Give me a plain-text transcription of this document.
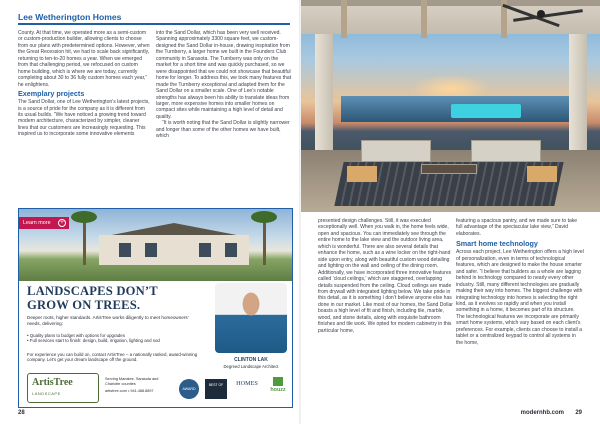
Lee Wetherington Homes

County. At that time, we operated more as a semi-custom or custom-production builder, allowing clients to choose from our plans with predetermined options. However, when the Great Recession hit, we had to scale back significantly, returning to ten-to-20 homes a year. When we emerged from that challenging period, we refocused on custom home building, which is where we are today, currently completing about 30 to 36 fully custom homes each year,” he enlightens.

Exemplary projects

The Sand Dollar, one of Lee Wetherington’s latest projects, is a source of pride for the company as it is different from its usual builds. “We have noticed a growing trend toward modern architecture, characterized by simpler, cleaner lines that our customers are increasingly requesting. This inspired us to incorporate some innovative elements

into the Sand Dollar, which has been very well received. Spanning approximately 3300 square feet, we custom-designed the Sand Dollar in-house, drawing inspiration from the Turnberry, a larger home we built in the Founders Club community in Sarasota. The Turnberry was only on the market for a short time and was quickly purchased, so we were disappointed that we could not showcase that beautiful home for longer. To address this, we took many features that made the Turnberry exceptional and adapted them for the Sand Dollar on a smaller scale. One of Lee’s notable strengths has always been his ability to translate ideas from larger, more expensive homes into smaller homes on compact sites while maintaining a high level of detail and quality.

“It is worth noting that the Sand Dollar is slightly narrower and longer than some of the other homes we have built, which

Learn more	+
LANDSCAPES DON’T GROW ON TREES.
Deeper roots, higher standards. ArtisTree works diligently to meet homeowners’ needs, delivering:
• Quality plans to budget with options for upgrades
• Full services start to finish: design, build, irrigation, lighting and sod
For experience you can build on, contact ArtisTree – a nationally ranked, award-winning company. Let’s get your dream landscape off the ground.	CLINTON LAK
Degreed Landscape Architect
ArtisTree
LANDSCAPE
Serving Manatee, Sarasota and Charlotte counties
artistree.com • 941.488.8897	AWARD
BEST OF	HOMES
houzz
28

presented design challenges. Still, it was executed exceptionally well. When you walk in, the home feels wide, open and spacious. You can immediately see through the entire home to the lake view and the outdoor living area, which is wonderful. There are also several details that enhance the home, such as a wine locker on the right-hand side upon entry, along with beautiful custom wood detailing and lighting on the wall and ceiling of the dining room. Additionally, we have incorporated three innovative features called ‘cloud ceilings,’ which are staggered, overlapping details suspended from the ceiling. Cloud ceilings are made from drywall with integrated lighting below. We take pride in this detail, as it is something I don’t believe anyone else has done in our market. Like most of our homes, the Sand Dollar boasts a high level of fit and finish, including tile, marble, wood, and stone details, along with exquisite bathroom finishes and tile work. We opted for modern cabinetry in this particular home,

featuring a spacious pantry, and we made sure to take full advantage of the spectacular lake view,” David elaborates.

Smart home technology

Across each project, Lee Wetherington offers a high level of personalization, even in terms of technological features, which are designed to make the house smarter and safer. “I believe that builders as a whole are lagging behind in technology compared to nearly every other industry. Still, many different technologies are gradually making their way into homes. The biggest challenge with integrating technology into homes is selecting the right kind, as it evolves so rapidly and when you install something in a home, it becomes part of its structure. The technological features we incorporate are primarily smart home systems, which vary based on each client’s preferences. For example, clients can choose to install a tablet or a centralized keypad to control all systems in the home,

modernhb.com 29
